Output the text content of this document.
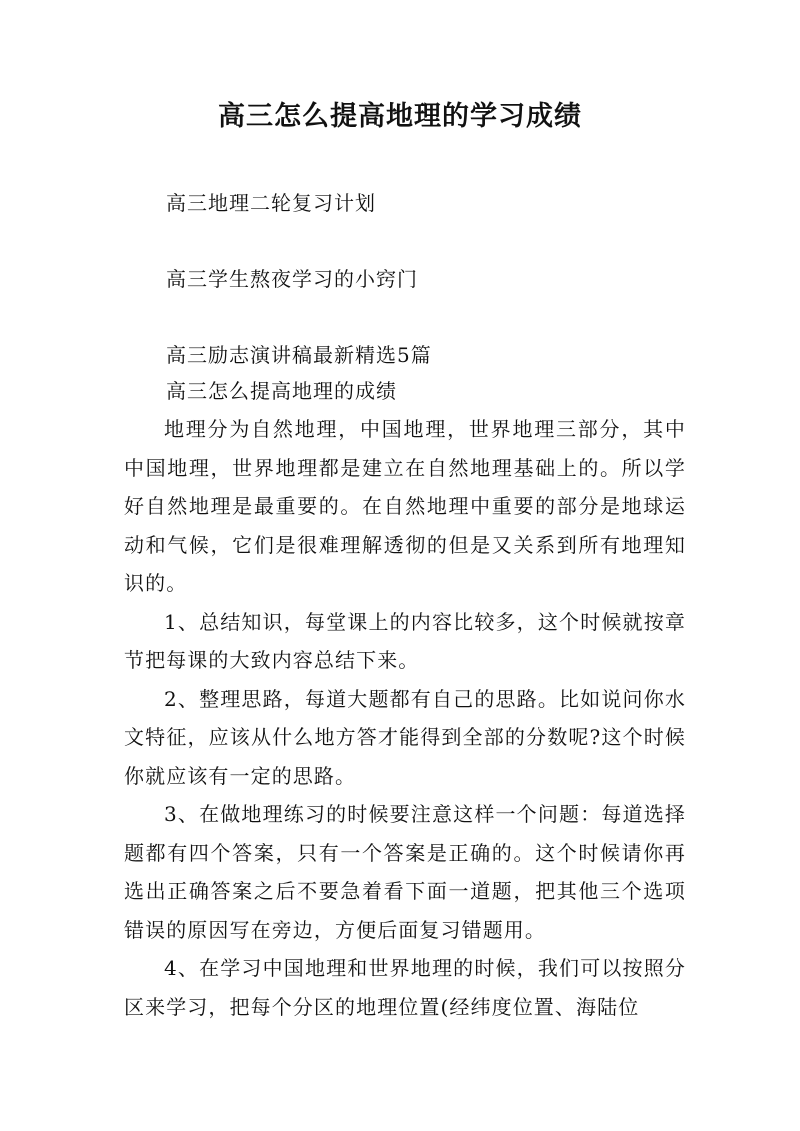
高三怎么提高地理的学习成绩
高三地理二轮复习计划
高三学生熬夜学习的小窍门
高三励志演讲稿最新精选5篇
高三怎么提高地理的成绩

地理分为自然地理，中国地理，世界地理三部分，其中中国地理，世界地理都是建立在自然地理基础上的。所以学好自然地理是最重要的。在自然地理中重要的部分是地球运动和气候，它们是很难理解透彻的但是又关系到所有地理知识的。

1、总结知识，每堂课上的内容比较多，这个时候就按章节把每课的大致内容总结下来。

2、整理思路，每道大题都有自己的思路。比如说问你水文特征，应该从什么地方答才能得到全部的分数呢?这个时候你就应该有一定的思路。

3、在做地理练习的时候要注意这样一个问题：每道选择题都有四个答案，只有一个答案是正确的。这个时候请你再选出正确答案之后不要急着看下面一道题，把其他三个选项错误的原因写在旁边，方便后面复习错题用。

4、在学习中国地理和世界地理的时候，我们可以按照分区来学习，把每个分区的地理位置(经纬度位置、海陆位
